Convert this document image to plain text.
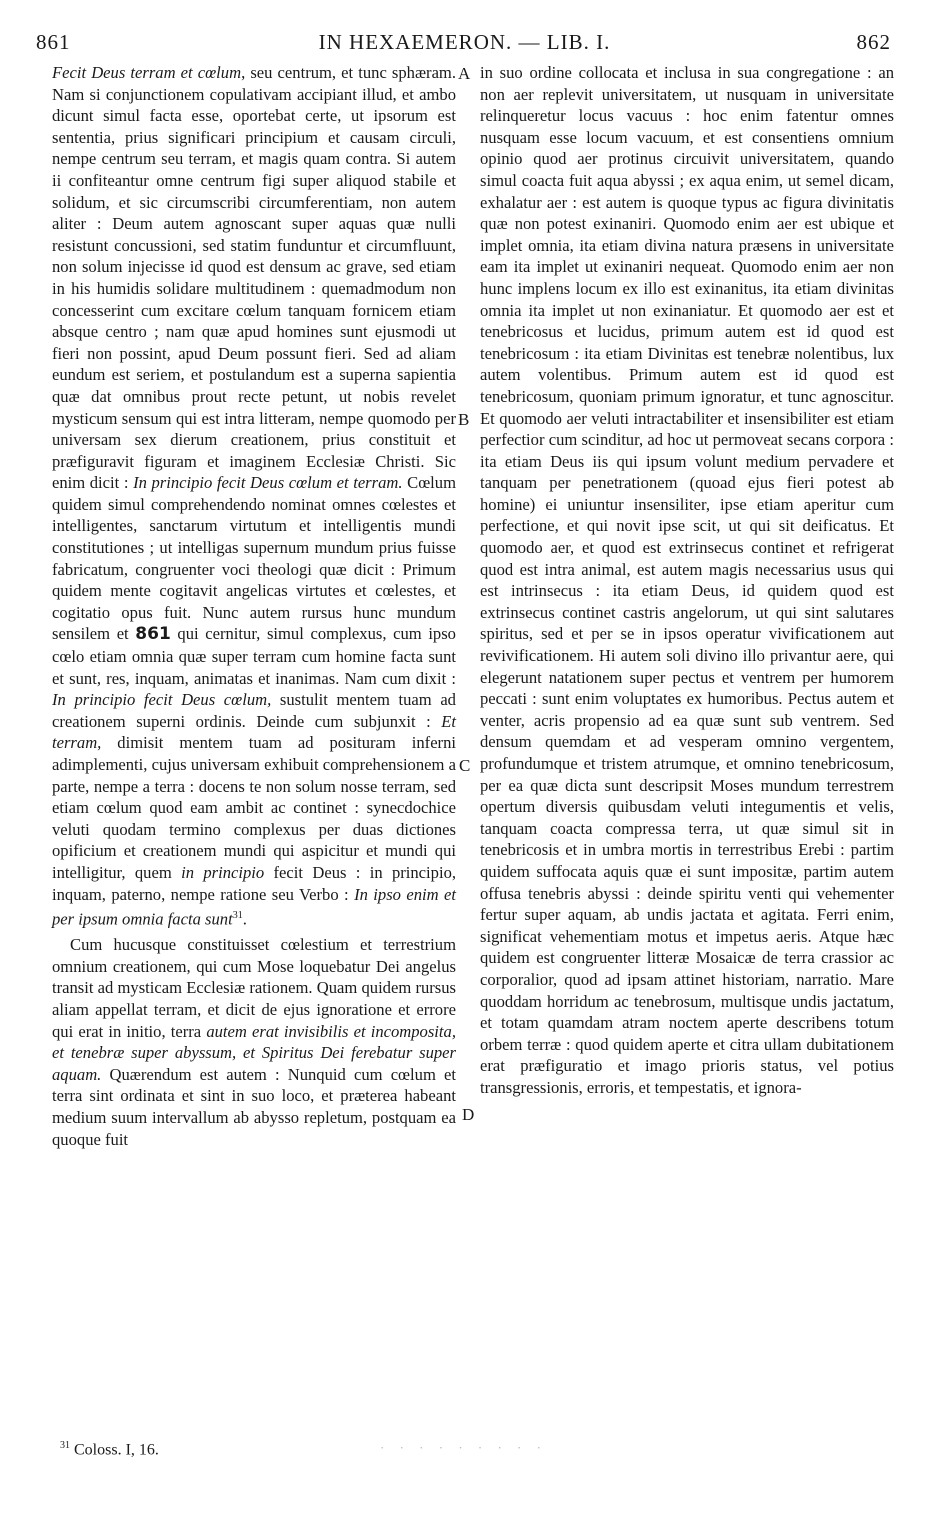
861	IN HEXAEMERON. — LIB. I.	862

Fecit Deus terram et cœlum, seu centrum, et tunc sphæram. Nam si conjunctionem copulativam accipiant illud, et ambo dicunt simul facta esse, oportebat certe, ut ipsorum est sententia, prius significari principium et causam circuli, nempe centrum seu terram, et magis quam contra. Si autem ii confiteantur omne centrum figi super aliquod stabile et solidum, et sic circumscribi circumferentiam, non autem aliter : Deum autem agnoscant super aquas quæ nulli resistunt concussioni, sed statim funduntur et circumfluunt, non solum injecisse id quod est densum ac grave, sed etiam in his humidis solidare multitudinem : quemadmodum non concesserint cum excitare cœlum tanquam fornicem etiam absque centro ; nam quæ apud homines sunt ejusmodi ut fieri non possint, apud Deum possunt fieri. Sed ad aliam eundum est seriem, et postulandum est a superna sapientia quæ dat omnibus prout recte petunt, ut nobis revelet mysticum sensum qui est intra litteram, nempe quomodo per universam sex dierum creationem, prius constituit et præfiguravit figuram et imaginem Ecclesiæ Christi. Sic enim dicit : In principio fecit Deus cœlum et terram. Cœlum quidem simul comprehendendo nominat omnes cœlestes et intelligentes, sanctarum virtutum et intelligentis mundi constitutiones ; ut intelligas supernum mundum prius fuisse fabricatum, congruenter voci theologi quæ dicit : Primum quidem mente cogitavit angelicas virtutes et cœlestes, et cogitatio opus fuit. Nunc autem rursus hunc mundum sensilem et 861 qui cernitur, simul complexus, cum ipso cœlo etiam omnia quæ super terram cum homine facta sunt et sunt, res, inquam, animatas et inanimas. Nam cum dixit : In principio fecit Deus cœlum, sustulit mentem tuam ad creationem superni ordinis. Deinde cum subjunxit : Et terram, dimisit mentem tuam ad posituram inferni adimplementi, cujus universam exhibuit comprehensionem a parte, nempe a terra : docens te non solum nosse terram, sed etiam cœlum quod eam ambit ac continet : synecdochice veluti quodam termino complexus per duas dictiones opificium et creationem mundi qui aspicitur et mundi qui intelligitur, quem in principio fecit Deus : in principio, inquam, paterno, nempe ratione seu Verbo : In ipso enim et per ipsum omnia facta sunt$^{31}$.

Cum hucusque constituisset cœlestium et terrestrium omnium creationem, qui cum Mose loquebatur Dei angelus transit ad mysticam Ecclesiæ rationem. Quam quidem rursus aliam appellat terram, et dicit de ejus ignoratione et errore qui erat in initio, terra autem erat invisibilis et incomposita, et tenebræ super abyssum, et Spiritus Dei ferebatur super aquam. Quærendum est autem : Nunquid cum cœlum et terra sint ordinata et sint in suo loco, et præterea habeant medium suum intervallum ab abysso repletum, postquam ea quoque fuit

in suo ordine collocata et inclusa in sua congregatione : an non aer replevit universitatem, ut nusquam in universitate relinqueretur locus vacuus : hoc enim fatentur omnes nusquam esse locum vacuum, et est consentiens omnium opinio quod aer protinus circuivit universitatem, quando simul coacta fuit aqua abyssi ; ex aqua enim, ut semel dicam, exhalatur aer : est autem is quoque typus ac figura divinitatis quæ non potest exinaniri. Quomodo enim aer est ubique et implet omnia, ita etiam divina natura præsens in universitate eam ita implet ut exinaniri nequeat. Quomodo enim aer non hunc implens locum ex illo est exinanitus, ita etiam divinitas omnia ita implet ut non exinaniatur. Et quomodo aer est et tenebricosus et lucidus, primum autem est id quod est tenebricosum : ita etiam Divinitas est tenebræ nolentibus, lux autem volentibus. Primum autem est id quod est tenebricosum, quoniam primum ignoratur, et tunc agnoscitur. Et quomodo aer veluti intractabiliter et insensibiliter est etiam perfectior cum scinditur, ad hoc ut permoveat secans corpora : ita etiam Deus iis qui ipsum volunt medium pervadere et tanquam per penetrationem (quoad ejus fieri potest ab homine) ei uniuntur insensiliter, ipse etiam aperitur cum perfectione, et qui novit ipse scit, ut qui sit deificatus. Et quomodo aer, et quod est extrinsecus continet et refrigerat quod est intra animal, est autem magis necessarius usus qui est intrinsecus : ita etiam Deus, id quidem quod est extrinsecus continet castris angelorum, ut qui sint salutares spiritus, sed et per se in ipsos operatur vivificationem aut revivificationem. Hi autem soli divino illo privantur aere, qui elegerunt natationem super pectus et ventrem per humorem peccati : sunt enim voluptates ex humoribus. Pectus autem et venter, acris propensio ad ea quæ sunt sub ventrem. Sed densum quemdam et ad vesperam omnino vergentem, profundumque et tristem atrumque, et omnino tenebricosum, per ea quæ dicta sunt descripsit Moses mundum terrestrem opertum diversis quibusdam veluti integumentis et velis, tanquam coacta compressa terra, ut quæ simul sit in tenebricosis et in umbra mortis in terrestribus Erebi : partim quidem suffocata aquis quæ ei sunt impositæ, partim autem offusa tenebris abyssi : deinde spiritu venti qui vehementer fertur super aquam, ab undis jactata et agitata. Ferri enim, significat vehementiam motus et impetus aeris. Atque hæc quidem est congruenter litteræ Mosaicæ de terra crassior ac corporalior, quod ad ipsam attinet historiam, narratio. Mare quoddam horridum ac tenebrosum, multisque undis jactatum, et totam quamdam atram noctem aperte describens totum orbem terræ : quod quidem aperte et citra ullam dubitationem erat præfiguratio et imago prioris status, vel potius transgressionis, erroris, et tempestatis, et ignora-

A
B
C
D
$^{31}$ Coloss. I, 16.	· · · · · · · · ·
